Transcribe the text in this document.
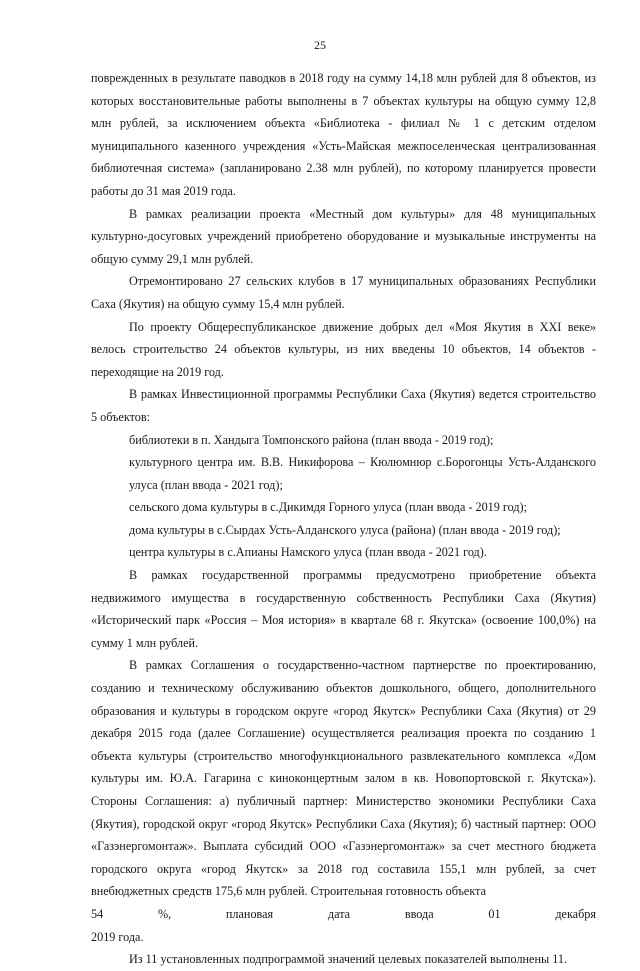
25

поврежденных в результате паводков в 2018 году на сумму 14,18 млн рублей для 8 объектов, из которых восстановительные работы выполнены в 7 объектах культуры на общую сумму 12,8 млн рублей, за исключением объекта «Библиотека - филиал № 1 с детским отделом муниципального казенного учреждения «Усть-Майская межпоселенческая централизованная библиотечная система» (запланировано 2.38 млн рублей), по которому планируется провести работы до 31 мая 2019 года.

В рамках реализации проекта «Местный дом культуры» для 48 муниципальных культурно-досуговых учреждений приобретено оборудование и музыкальные инструменты на общую сумму 29,1 млн рублей.

Отремонтировано 27 сельских клубов в 17 муниципальных образованиях Республики Саха (Якутия) на общую сумму 15,4 млн рублей.

По проекту Общереспубликанское движение добрых дел «Моя Якутия в XXI веке» велось строительство 24 объектов культуры, из них введены 10 объектов, 14 объектов - переходящие на 2019 год.

В рамках Инвестиционной программы Республики Саха (Якутия) ведется строительство 5 объектов:

библиотеки в п. Хандыга Томпонского района (план ввода - 2019 год);

культурного центра им. В.В. Никифорова – Кюлюмнюр с.Борогонцы Усть-Алданского улуса (план ввода - 2021 год);

сельского дома культуры в с.Дикимдя Горного улуса (план ввода - 2019 год);

дома культуры в с.Сырдах Усть-Алданского улуса (района) (план ввода - 2019 год);

центра культуры в с.Апианы Намского улуса (план ввода - 2021 год).

В рамках государственной программы предусмотрено приобретение объекта недвижимого имущества в государственную собственность Республики Саха (Якутия) «Исторический парк «Россия – Моя история» в квартале 68 г. Якутска» (освоение 100,0%) на сумму 1 млн рублей.

В рамках Соглашения о государственно-частном партнерстве по проектированию, созданию и техническому обслуживанию объектов дошкольного, общего, дополнительного образования и культуры в городском округе «город Якутск» Республики Саха (Якутия) от 29 декабря 2015 года (далее Соглашение) осуществляется реализация проекта по созданию 1 объекта культуры (строительство многофункционального развлекательного комплекса «Дом культуры им. Ю.А. Гагарина с киноконцертным залом в кв. Новопортовской г. Якутска»). Стороны Соглашения: а) публичный партнер: Министерство экономики Республики Саха (Якутия), городской округ «город Якутск» Республики Саха (Якутия); б) частный партнер: ООО «Газэнергомонтаж». Выплата субсидий ООО «Газэнергомонтаж» за счет местного бюджета городского округа «город Якутск» за 2018 год составила 155,1 млн рублей, за счет внебюджетных средств 175,6 млн рублей. Строительная готовность объекта

54 %, плановая дата ввода 01 декабря

2019 года.

Из 11 установленных подпрограммой значений целевых показателей выполнены 11.
